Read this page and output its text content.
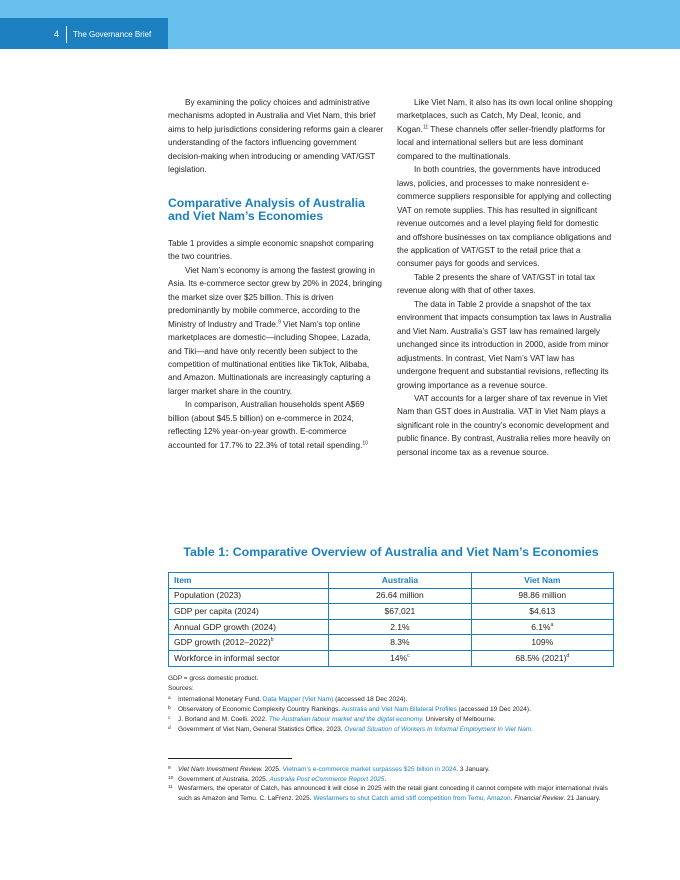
4 The Governance Brief

By examining the policy choices and administrative mechanisms adopted in Australia and Viet Nam, this brief aims to help jurisdictions considering reforms gain a clearer understanding of the factors influencing government decision-making when introducing or amending VAT/GST legislation.

Comparative Analysis of Australia and Viet Nam’s Economies

Table 1 provides a simple economic snapshot comparing the two countries.

Viet Nam’s economy is among the fastest growing in Asia. Its e-commerce sector grew by 20% in 2024, bringing the market size over $25 billion. This is driven predominantly by mobile commerce, according to the Ministry of Industry and Trade.$^9$ Viet Nam’s top online marketplaces are domestic—including Shopee, Lazada, and Tiki—and have only recently been subject to the competition of multinational entities like TikTok, Alibaba, and Amazon. Multinationals are increasingly capturing a larger market share in the country.

In comparison, Australian households spent A$69 billion (about $45.5 billion) on e-commerce in 2024, reflecting 12% year-on-year growth. E-commerce accounted for 17.7% to 22.3% of total retail spending.$^{10}$

Like Viet Nam, it also has its own local online shopping marketplaces, such as Catch, My Deal, Iconic, and Kogan.$^{11}$ These channels offer seller-friendly platforms for local and international sellers but are less dominant compared to the multinationals.

In both countries, the governments have introduced laws, policies, and processes to make nonresident e-commerce suppliers responsible for applying and collecting VAT on remote supplies. This has resulted in significant revenue outcomes and a level playing field for domestic and offshore businesses on tax compliance obligations and the application of VAT/GST to the retail price that a consumer pays for goods and services.

Table 2 presents the share of VAT/GST in total tax revenue along with that of other taxes.

The data in Table 2 provide a snapshot of the tax environment that impacts consumption tax laws in Australia and Viet Nam. Australia’s GST law has remained largely unchanged since its introduction in 2000, aside from minor adjustments. In contrast, Viet Nam’s VAT law has undergone frequent and substantial revisions, reflecting its growing importance as a revenue source.

VAT accounts for a larger share of tax revenue in Viet Nam than GST does in Australia. VAT in Viet Nam plays a significant role in the country’s economic development and public finance. By contrast, Australia relies more heavily on personal income tax as a revenue source.

Table 1: Comparative Overview of Australia and Viet Nam’s Economies
Item	Australia	Viet Nam
Population (2023)	26.64 million	98.86 million
GDP per capita (2024)	$67,021	$4,613
Annual GDP growth (2024)	2.1%	6.1%$^a$
GDP growth (2012–2022)$^b$	8.3%	109%
Workforce in informal sector	14%$^c$	68.5% $(2021)^d$

GDP = gross domestic product.

Sources:

a International Monetary Fund. Data Mapper (Viet Nam) (accessed 18 Dec 2024).

b Observatory of Economic Complexity Country Rankings. Australia and Viet Nam Bilateral Profiles (accessed 19 Dec 2024).

c J. Borland and M. Coelli. 2022. The Australian labour market and the digital economy. University of Melbourne.

d Government of Viet Nam, General Statistics Office. 2023. Overall Situation of Workers In Informal Employment In Viet Nam.

9 Viet Nam Investment Review. 2025. Vietnam’s e-commerce market surpasses $25 billion in 2024. 3 January.

10 Government of Australia. 2025. Australia Post eCommerce Report 2025.

11 Wesfarmers, the operator of Catch, has announced it will close in 2025 with the retail giant conceding it cannot compete with major international rivals such as Amazon and Temu. C. LaFrenz. 2025. Wesfarmers to shut Catch amid stiff competition from Temu, Amazon. Financial Review. 21 January.
